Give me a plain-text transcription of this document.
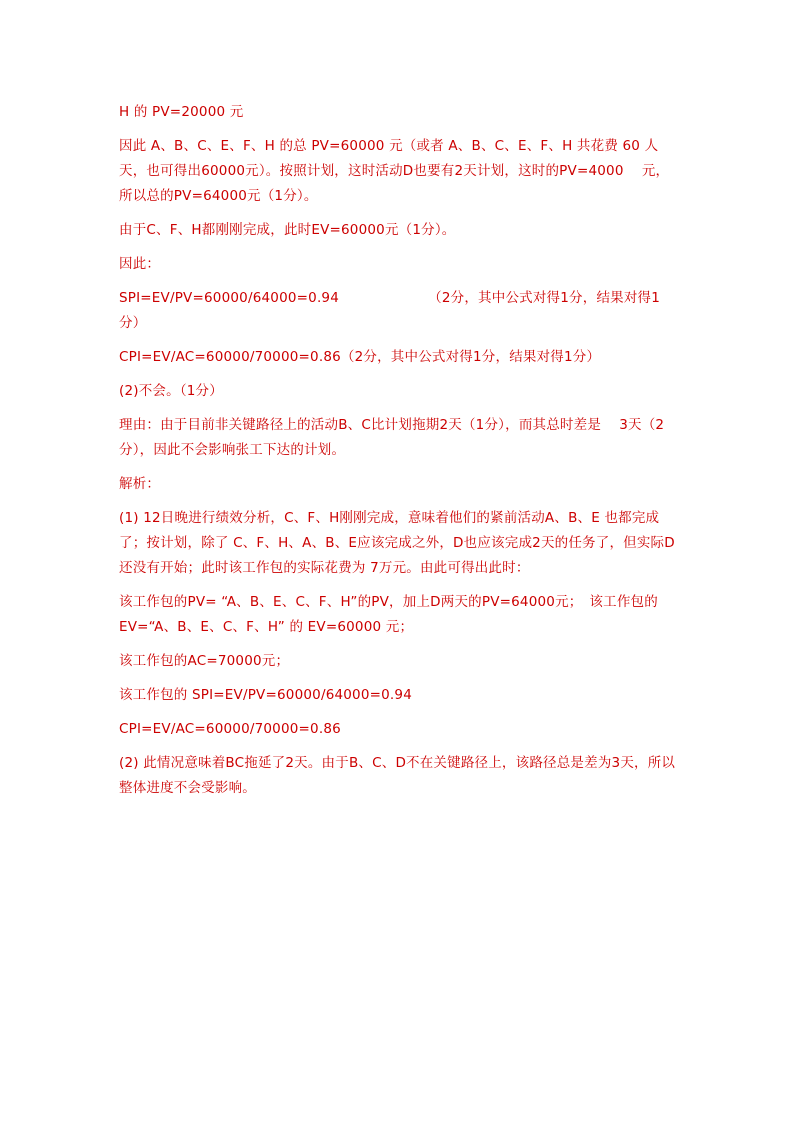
H 的 PV=20000 元

因此 A、B、C、E、F、H 的总 PV=60000 元（或者 A、B、C、E、F、H 共花费 60 人天，也可得出60000元）。按照计划，这时活动D也要有2天计划，这时的PV=4000　 元，所以总的PV=64000元（1分）。

由于C、F、H都刚刚完成，此时EV=60000元（1分）。

因此：

SPI=EV/PV=60000/64000=0.94　　　　　　　（2分，其中公式对得1分，结果对得1分）

CPI=EV/AC=60000/70000=0.86（2分，其中公式对得1分，结果对得1分）

(2)不会。（1分）

理由：由于目前非关键路径上的活动B、C比计划拖期2天（1分），而其总时差是　 3天（2分），因此不会影响张工下达的计划。

解析：

(1) 12日晚进行绩效分析，C、F、H刚刚完成，意味着他们的紧前活动A、B、E 也都完成了；按计划，除了 C、F、H、A、B、E应该完成之外，D也应该完成2天的任务了，但实际D还没有开始；此时该工作包的实际花费为 7万元。由此可得出此时：

该工作包的PV= “A、B、E、C、F、H”的PV，加上D两天的PV=64000元；　该工作包的EV=“A、B、E、C、F、H” 的 EV=60000 元；

该工作包的AC=70000元；

该工作包的 SPI=EV/PV=60000/64000=0.94

CPI=EV/AC=60000/70000=0.86

(2) 此情况意味着BC拖延了2天。由于B、C、D不在关键路径上，该路径总是差为3天，所以整体进度不会受影响。
